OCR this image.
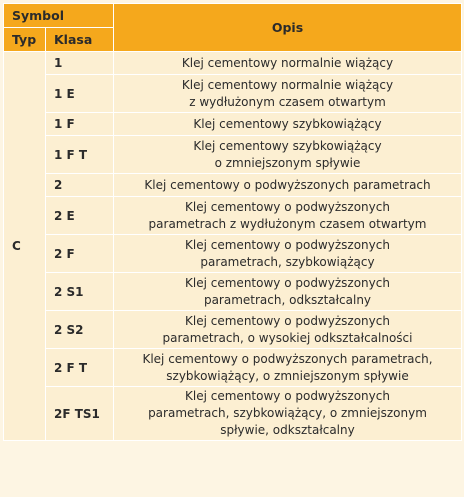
Symbol		Opis
Typ	Klasa	
C	1	Klej cementowy normalnie wiążący

	1 E	Klej cementowy normalnie wiążący
z wydłużonym czasem otwartym

	1 F	Klej cementowy szybkowiążący

	1 F T	Klej cementowy szybkowiążący
o zmniejszonym spływie

	2	Klej cementowy o podwyższonych parametrach

	2 E	Klej cementowy o podwyższonych
parametrach z wydłużonym czasem otwartym

	2 F	Klej cementowy o podwyższonych
parametrach, szybkowiążący

	2 S1	Klej cementowy o podwyższonych
parametrach, odkształcalny

	2 S2	Klej cementowy o podwyższonych
parametrach, o wysokiej odkształcalności

	2 F T	Klej cementowy o podwyższonych parametrach,
szybkowiążący, o zmniejszonym spływie

	2F TS1	Klej cementowy o podwyższonych
parametrach, szybkowiążący, o zmniejszonym
spływie, odkształcalny
